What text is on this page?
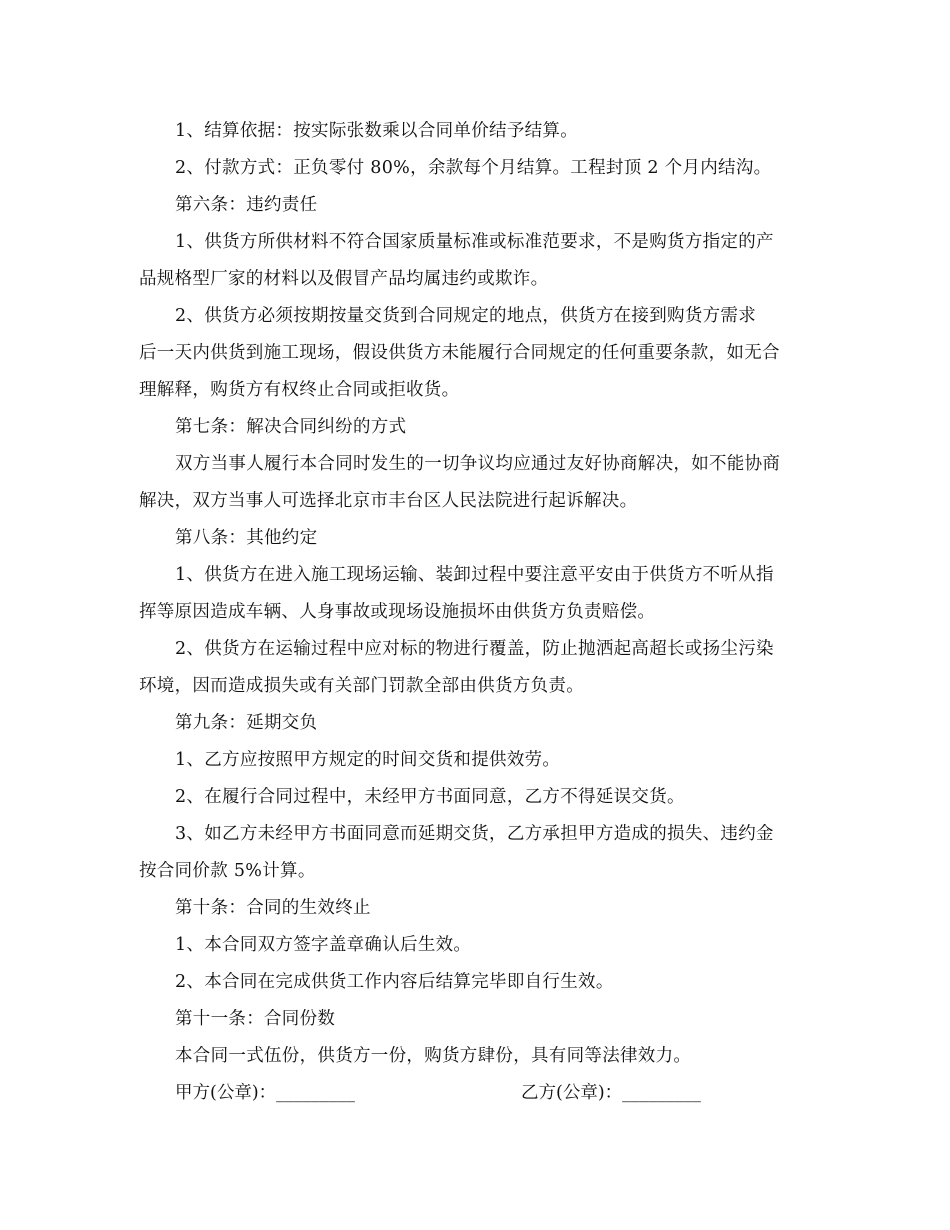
1、结算依据：按实际张数乘以合同单价结予结算。
2、付款方式：正负零付 80%，余款每个月结算。工程封顶 2 个月内结沟。
第六条：违约责任
1、供货方所供材料不符合国家质量标准或标准范要求，不是购货方指定的产
品规格型厂家的材料以及假冒产品均属违约或欺诈。
2、供货方必须按期按量交货到合同规定的地点，供货方在接到购货方需求
后一天内供货到施工现场，假设供货方未能履行合同规定的任何重要条款，如无合
理解释，购货方有权终止合同或拒收货。
第七条：解决合同纠纷的方式
双方当事人履行本合同时发生的一切争议均应通过友好协商解决，如不能协商
解决，双方当事人可选择北京市丰台区人民法院进行起诉解决。
第八条：其他约定
1、供货方在进入施工现场运输、装卸过程中要注意平安由于供货方不听从指
挥等原因造成车辆、人身事故或现场设施损坏由供货方负责赔偿。
2、供货方在运输过程中应对标的物进行覆盖，防止抛洒起高超长或扬尘污染
环境，因而造成损失或有关部门罚款全部由供货方负责。
第九条：延期交负
1、乙方应按照甲方规定的时间交货和提供效劳。
2、在履行合同过程中，未经甲方书面同意，乙方不得延误交货。
3、如乙方未经甲方书面同意而延期交货，乙方承担甲方造成的损失、违约金
按合同价款 5%计算。
第十条：合同的生效终止
1、本合同双方签字盖章确认后生效。
2、本合同在完成供货工作内容后结算完毕即自行生效。
第十一条：合同份数
本合同一式伍份，供货方一份，购货方肆份，具有同等法律效力。
甲方(公章)：_________	乙方(公章)：_________
